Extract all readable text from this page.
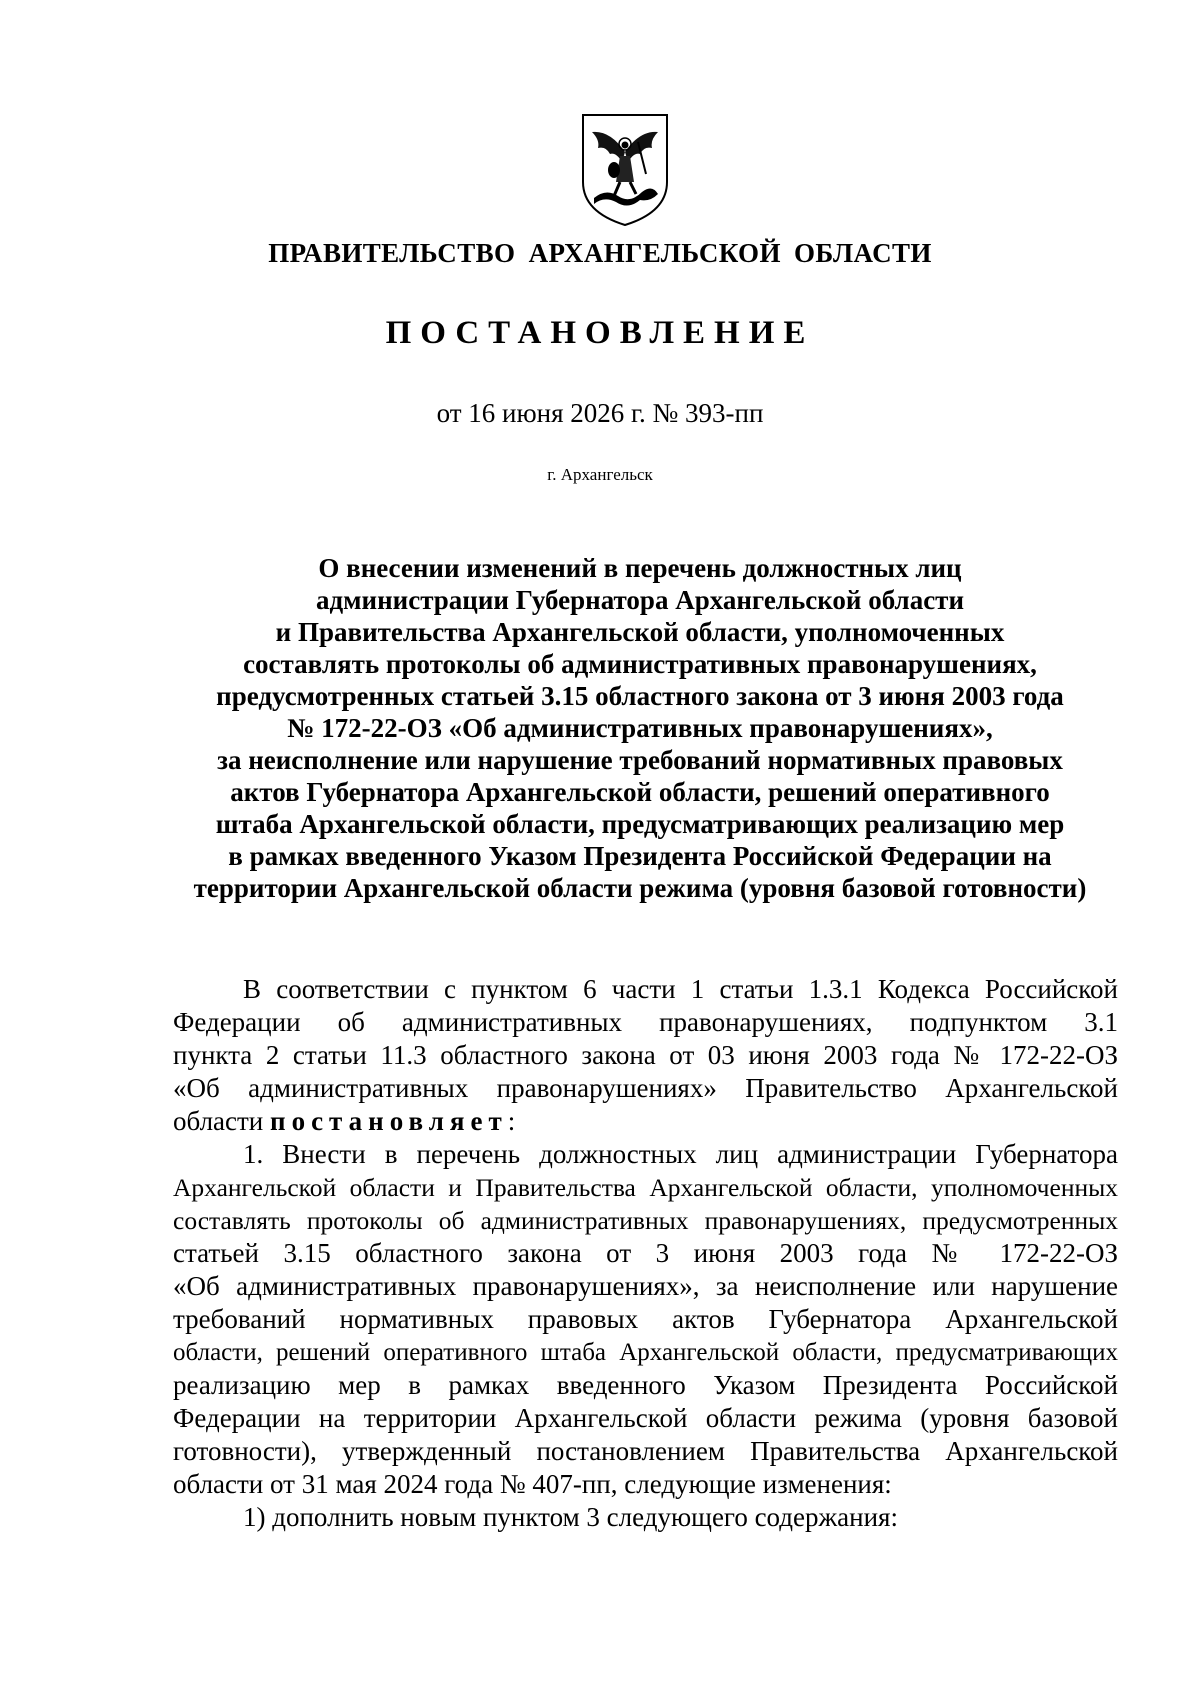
ПРАВИТЕЛЬСТВО АРХАНГЕЛЬСКОЙ ОБЛАСТИ
ПОСТАНОВЛЕНИЕ
от 16 июня 2026 г. № 393-пп
г. Архангельск
О внесении изменений в перечень должностных лиц
администрации Губернатора Архангельской области
и Правительства Архангельской области, уполномоченных
составлять протоколы об административных правонарушениях,
предусмотренных статьей 3.15 областного закона от 3 июня 2003 года
№ 172-22-ОЗ «Об административных правонарушениях»,
за неисполнение или нарушение требований нормативных правовых
актов Губернатора Архангельской области, решений оперативного
штаба Архангельской области, предусматривающих реализацию мер
в рамках введенного Указом Президента Российской Федерации на
территории Архангельской области режима (уровня базовой готовности)
В соответствии с пунктом 6 части 1 статьи 1.3.1 Кодекса Российской
Федерации об административных правонарушениях, подпунктом 3.1
пункта 2 статьи 11.3 областного закона от 03 июня 2003 года № 172-22-ОЗ
«Об административных правонарушениях» Правительство Архангельской
области постановляет:
1. Внести в перечень должностных лиц администрации Губернатора
Архангельской области и Правительства Архангельской области, уполномоченных
составлять протоколы об административных правонарушениях, предусмотренных
статьей 3.15 областного закона от 3 июня 2003 года № 172-22-ОЗ
«Об административных правонарушениях», за неисполнение или нарушение
требований нормативных правовых актов Губернатора Архангельской
области, решений оперативного штаба Архангельской области, предусматривающих
реализацию мер в рамках введенного Указом Президента Российской
Федерации на территории Архангельской области режима (уровня базовой
готовности), утвержденный постановлением Правительства Архангельской
области от 31 мая 2024 года № 407-пп, следующие изменения:
1) дополнить новым пунктом 3 следующего содержания:
